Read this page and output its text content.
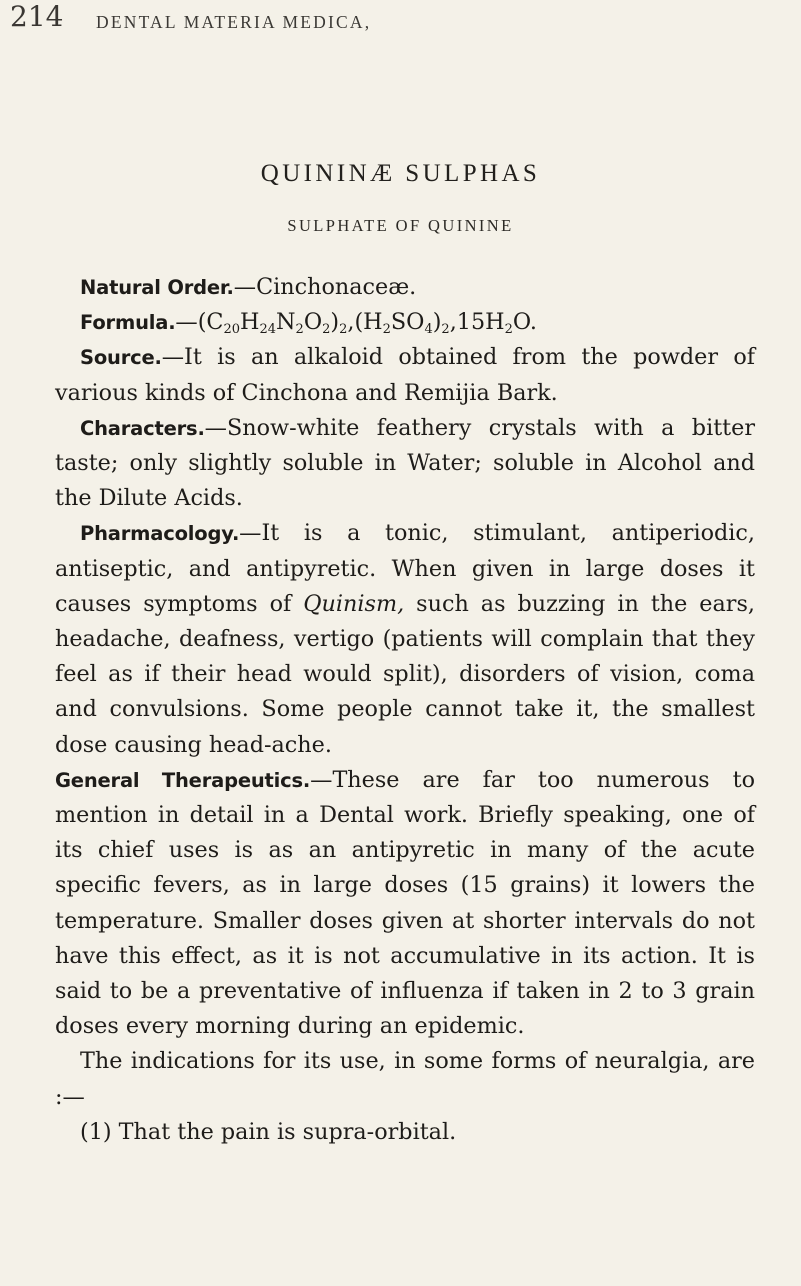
214 DENTAL MATERIA MEDICA,
QUININÆ SULPHAS
SULPHATE OF QUININE

Natural Order.—Cinchonaceæ.

$Formula.—(C_{20}H_{24}N_2O_2)_2,(H_2SO_4)_2,15H_2O$.

Source.—It is an alkaloid obtained from the powder of various kinds of Cinchona and Remijia Bark.

Characters.—Snow-white feathery crystals with a bitter taste; only slightly soluble in Water; soluble in Alcohol and the Dilute Acids.

Pharmacology.—It is a tonic, stimulant, antiperiodic, antiseptic, and antipyretic. When given in large doses it causes symptoms of Quinism, such as buzzing in the ears, headache, deafness, vertigo (patients will complain that they feel as if their head would split), disorders of vision, coma and convulsions. Some people cannot take it, the smallest dose causing head-ache.

General Therapeutics.—These are far too numerous to mention in detail in a Dental work. Briefly speaking, one of its chief uses is as an antipyretic in many of the acute specific fevers, as in large doses (15 grains) it lowers the temperature. Smaller doses given at shorter intervals do not have this effect, as it is not accumulative in its action. It is said to be a preventative of influenza if taken in 2 to 3 grain doses every morning during an epidemic.

The indications for its use, in some forms of neuralgia, are :—

(1) That the pain is supra-orbital.
